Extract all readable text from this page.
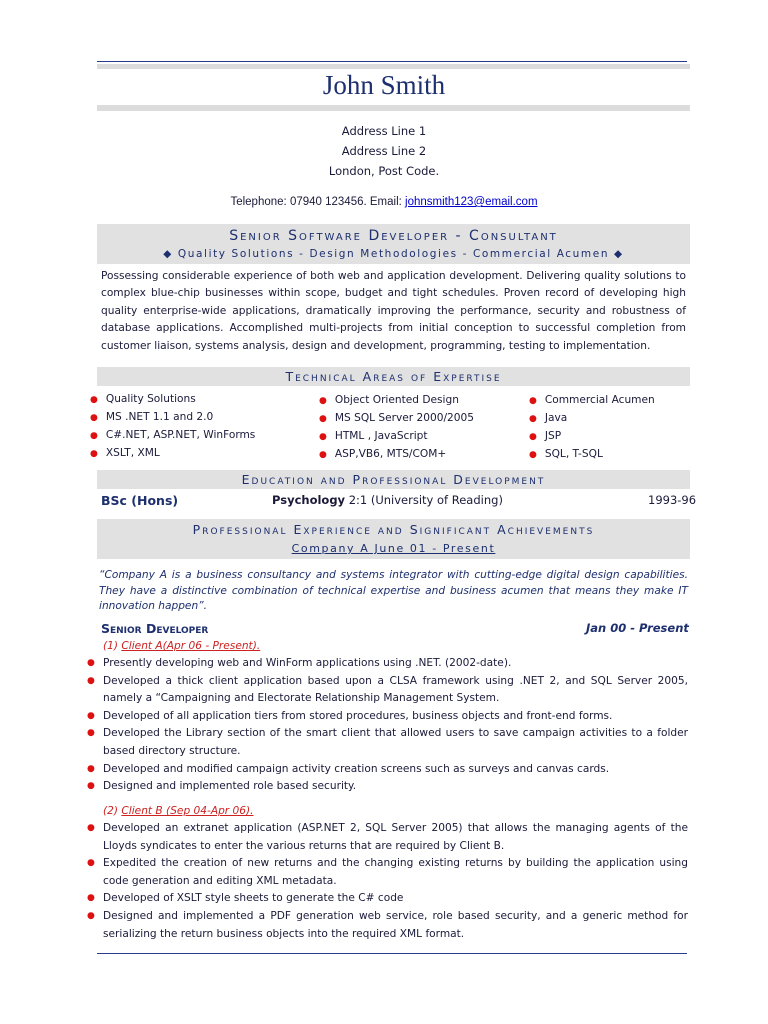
John Smith
Address Line 1
Address Line 2
London, Post Code.
Telephone: 07940 123456. Email: johnsmith123@email.com
Senior Software Developer - Consultant
◆ Quality Solutions - Design Methodologies - Commercial Acumen ◆
Possessing considerable experience of both web and application development. Delivering quality solutions to complex blue-chip businesses within scope, budget and tight schedules. Proven record of developing high quality enterprise-wide applications, dramatically improving the performance, security and robustness of database applications. Accomplished multi-projects from initial conception to successful completion from customer liaison, systems analysis, design and development, programming, testing to implementation.
Technical Areas of Expertise
● Quality Solutions
● MS .NET 1.1 and 2.0
● C#.NET, ASP.NET, WinForms
● XSLT, XML
● Object Oriented Design
● MS SQL Server 2000/2005
● HTML , JavaScript
● ASP,VB6, MTS/COM+
● Commercial Acumen
● Java
● JSP
● SQL, T-SQL
Education and Professional Development
BSc (Hons)	Psychology 2:1 (University of Reading)	1993-96
Professional Experience and Significant Achievements
Company A June 01 - Present
“Company A is a business consultancy and systems integrator with cutting-edge digital design capabilities. They have a distinctive combination of technical expertise and business acumen that means they make IT innovation happen”.
Senior Developer	Jan 00 - Present
(1) Client A(Apr 06 - Present).
● Presently developing web and WinForm applications using .NET. (2002-date).
● Developed a thick client application based upon a CLSA framework using .NET 2, and SQL Server 2005, namely a “Campaigning and Electorate Relationship Management System.
● Developed of all application tiers from stored procedures, business objects and front-end forms.
● Developed the Library section of the smart client that allowed users to save campaign activities to a folder based directory structure.
● Developed and modified campaign activity creation screens such as surveys and canvas cards.
● Designed and implemented role based security.
(2) Client B (Sep 04-Apr 06).
● Developed an extranet application (ASP.NET 2, SQL Server 2005) that allows the managing agents of the Lloyds syndicates to enter the various returns that are required by Client B.
● Expedited the creation of new returns and the changing existing returns by building the application using code generation and editing XML metadata.
● Developed of XSLT style sheets to generate the C# code
● Designed and implemented a PDF generation web service, role based security, and a generic method for serializing the return business objects into the required XML format.
